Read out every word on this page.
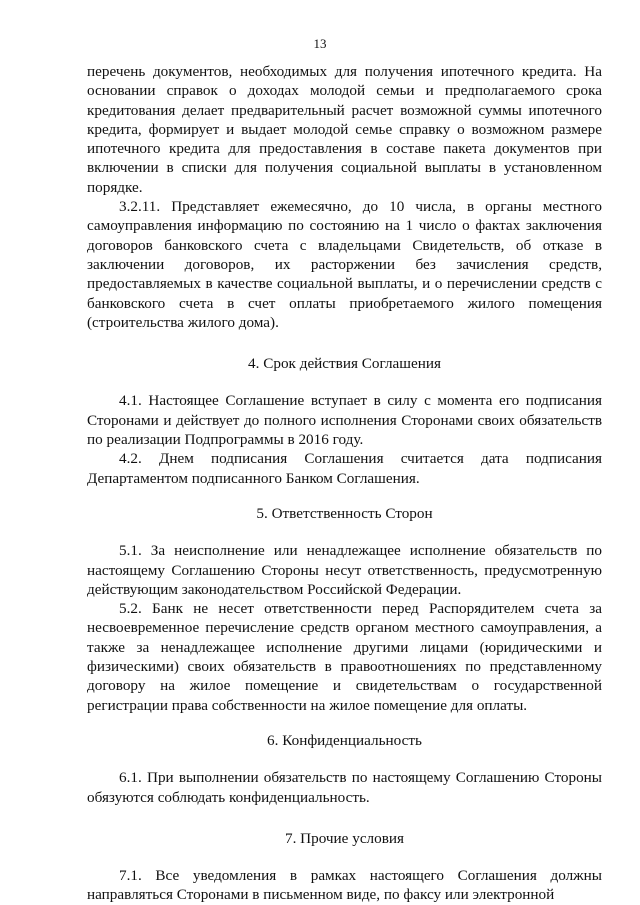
13

перечень документов, необходимых для получения ипотечного кредита. На основании справок о доходах молодой семьи и предполагаемого срока кредитования делает предварительный расчет возможной суммы ипотечного кредита, формирует и выдает молодой семье справку о возможном размере ипотечного кредита для предоставления в составе пакета документов при включении в списки для получения социальной выплаты в установленном порядке.

3.2.11. Представляет ежемесячно, до 10 числа, в органы местного самоуправления информацию по состоянию на 1 число о фактах заключения договоров банковского счета с владельцами Свидетельств, об отказе в заключении договоров, их расторжении без зачисления средств, предоставляемых в качестве социальной выплаты, и о перечислении средств с банковского счета в счет оплаты приобретаемого жилого помещения (строительства жилого дома).

4. Срок действия Соглашения

4.1. Настоящее Соглашение вступает в силу с момента его подписания Сторонами и действует до полного исполнения Сторонами своих обязательств по реализации Подпрограммы в 2016 году.

4.2. Днем подписания Соглашения считается дата подписания Департаментом подписанного Банком Соглашения.

5. Ответственность Сторон

5.1. За неисполнение или ненадлежащее исполнение обязательств по настоящему Соглашению Стороны несут ответственность, предусмотренную действующим законодательством Российской Федерации.

5.2. Банк не несет ответственности перед Распорядителем счета за несвоевременное перечисление средств органом местного самоуправления, а также за ненадлежащее исполнение другими лицами (юридическими и физическими) своих обязательств в правоотношениях по представленному договору на жилое помещение и свидетельствам о государственной регистрации права собственности на жилое помещение для оплаты.

6. Конфиденциальность

6.1. При выполнении обязательств по настоящему Соглашению Стороны обязуются соблюдать конфиденциальность.

7. Прочие условия

7.1. Все уведомления в рамках настоящего Соглашения должны направляться Сторонами в письменном виде, по факсу или электронной
